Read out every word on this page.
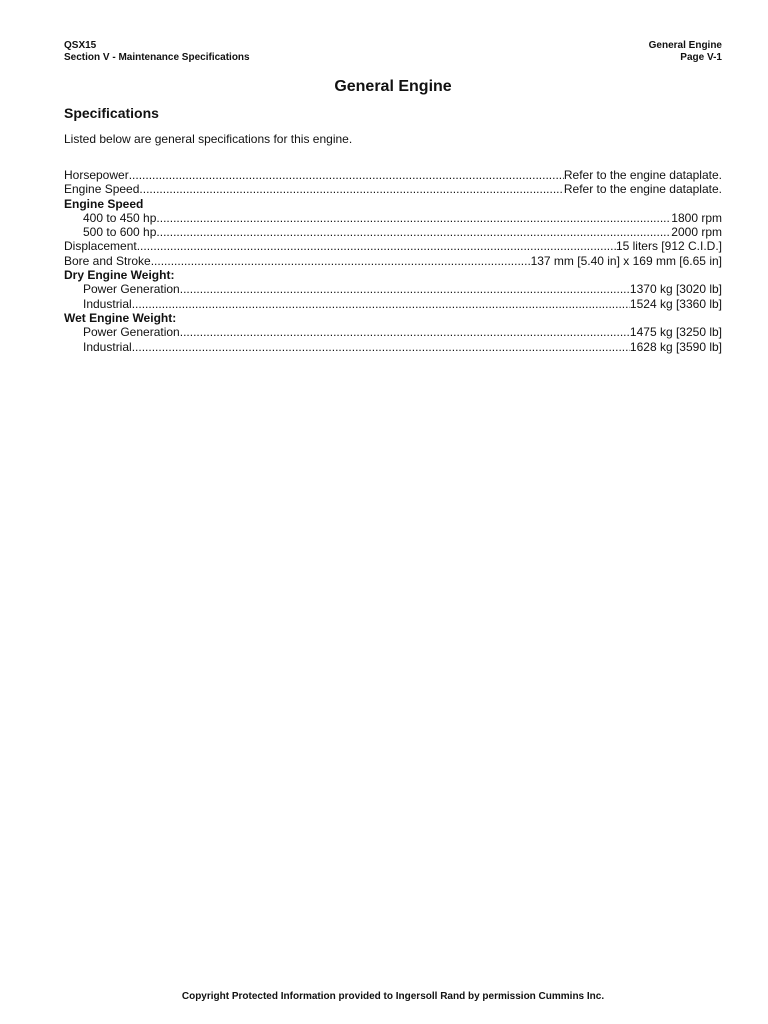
QSX15
Section V - Maintenance Specifications
General Engine
Page V-1
General Engine
Specifications

Listed below are general specifications for this engine.

Horsepower .....	Refer to the engine dataplate.
Engine Speed .....	Refer to the engine dataplate.
Engine Speed
400 to 450 hp .....	1800 rpm
500 to 600 hp .....	2000 rpm
Displacement .....	15 liters [912 C.I.D.]
Bore and Stroke .....	137 mm [5.40 in] x 169 mm [6.65 in]
Dry Engine Weight:
Power Generation .....	1370 kg [3020 lb]
Industrial .....	1524 kg [3360 lb]
Wet Engine Weight:
Power Generation .....	1475 kg [3250 lb]
Industrial .....	1628 kg [3590 lb]
Copyright Protected Information provided to Ingersoll Rand by permission Cummins Inc.
